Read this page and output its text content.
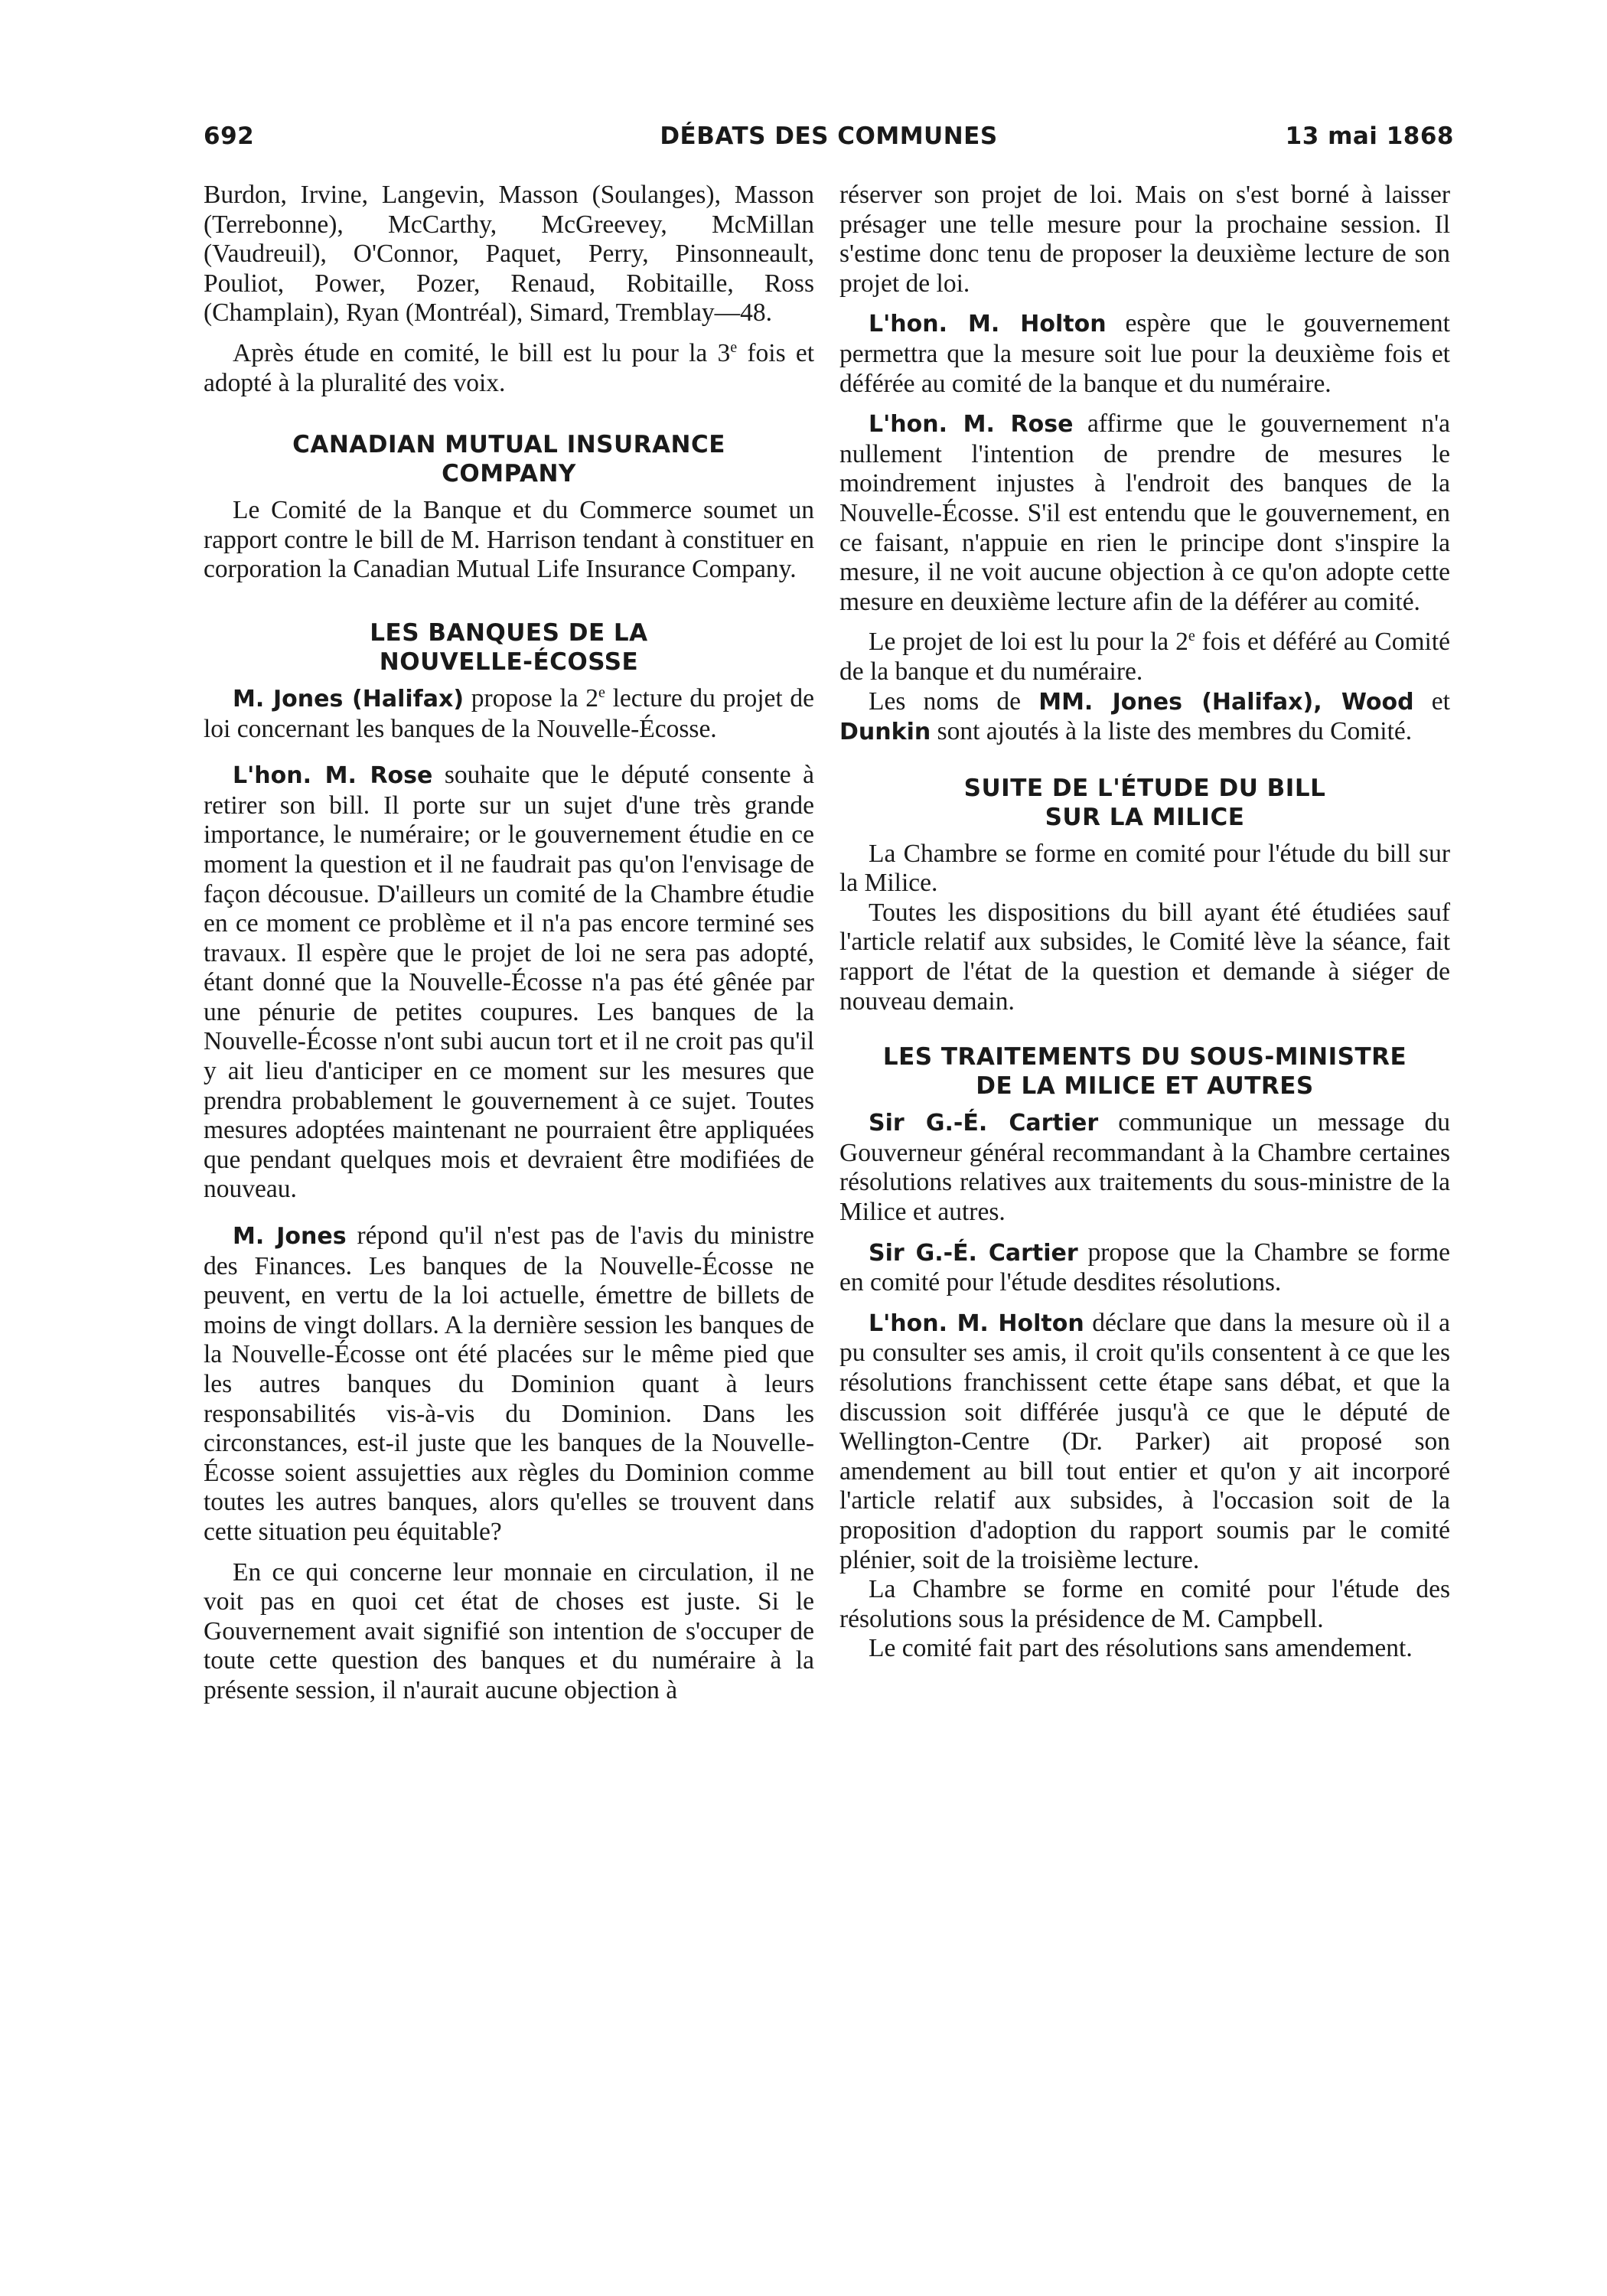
692	DÉBATS DES COMMUNES	13 mai 1868

Burdon, Irvine, Langevin, Masson (Soulanges), Masson (Terrebonne), McCarthy, McGreevey, McMillan (Vaudreuil), O'Connor, Paquet, Perry, Pinsonneault, Pouliot, Power, Pozer, Renaud, Robitaille, Ross (Champlain), Ryan (Montréal), Simard, Tremblay—48.

Après étude en comité, le bill est lu pour la 3e fois et adopté à la pluralité des voix.

CANADIAN MUTUAL INSURANCE
COMPANY

Le Comité de la Banque et du Commerce soumet un rapport contre le bill de M. Harrison tendant à constituer en corporation la Canadian Mutual Life Insurance Company.

LES BANQUES DE LA
NOUVELLE-ÉCOSSE

M. Jones (Halifax) propose la 2e lecture du projet de loi concernant les banques de la Nouvelle-Écosse.

L'hon. M. Rose souhaite que le député consente à retirer son bill. Il porte sur un sujet d'une très grande importance, le numéraire; or le gouvernement étudie en ce moment la question et il ne faudrait pas qu'on l'envisage de façon décousue. D'ailleurs un comité de la Chambre étudie en ce moment ce problème et il n'a pas encore terminé ses travaux. Il espère que le projet de loi ne sera pas adopté, étant donné que la Nouvelle-Écosse n'a pas été gênée par une pénurie de petites coupures. Les banques de la Nouvelle-Écosse n'ont subi aucun tort et il ne croit pas qu'il y ait lieu d'anticiper en ce moment sur les mesures que prendra probablement le gouvernement à ce sujet. Toutes mesures adoptées maintenant ne pourraient être appliquées que pendant quelques mois et devraient être modifiées de nouveau.

M. Jones répond qu'il n'est pas de l'avis du ministre des Finances. Les banques de la Nouvelle-Écosse ne peuvent, en vertu de la loi actuelle, émettre de billets de moins de vingt dollars. A la dernière session les banques de la Nouvelle-Écosse ont été placées sur le même pied que les autres banques du Dominion quant à leurs responsabilités vis-à-vis du Dominion. Dans les circonstances, est-il juste que les banques de la Nouvelle-Écosse soient assujetties aux règles du Dominion comme toutes les autres banques, alors qu'elles se trouvent dans cette situation peu équitable?

En ce qui concerne leur monnaie en circulation, il ne voit pas en quoi cet état de choses est juste. Si le Gouvernement avait signifié son intention de s'occuper de toute cette question des banques et du numéraire à la présente session, il n'aurait aucune objection à

réserver son projet de loi. Mais on s'est borné à laisser présager une telle mesure pour la prochaine session. Il s'estime donc tenu de proposer la deuxième lecture de son projet de loi.

L'hon. M. Holton espère que le gouvernement permettra que la mesure soit lue pour la deuxième fois et déférée au comité de la banque et du numéraire.

L'hon. M. Rose affirme que le gouvernement n'a nullement l'intention de prendre de mesures le moindrement injustes à l'endroit des banques de la Nouvelle-Écosse. S'il est entendu que le gouvernement, en ce faisant, n'appuie en rien le principe dont s'inspire la mesure, il ne voit aucune objection à ce qu'on adopte cette mesure en deuxième lecture afin de la déférer au comité.

Le projet de loi est lu pour la 2e fois et déféré au Comité de la banque et du numéraire.

Les noms de MM. Jones (Halifax), Wood et Dunkin sont ajoutés à la liste des membres du Comité.

SUITE DE L'ÉTUDE DU BILL
SUR LA MILICE

La Chambre se forme en comité pour l'étude du bill sur la Milice.

Toutes les dispositions du bill ayant été étudiées sauf l'article relatif aux subsides, le Comité lève la séance, fait rapport de l'état de la question et demande à siéger de nouveau demain.

LES TRAITEMENTS DU SOUS-MINISTRE
DE LA MILICE ET AUTRES

Sir G.-É. Cartier communique un message du Gouverneur général recommandant à la Chambre certaines résolutions relatives aux traitements du sous-ministre de la Milice et autres.

Sir G.-É. Cartier propose que la Chambre se forme en comité pour l'étude desdites résolutions.

L'hon. M. Holton déclare que dans la mesure où il a pu consulter ses amis, il croit qu'ils consentent à ce que les résolutions franchissent cette étape sans débat, et que la discussion soit différée jusqu'à ce que le député de Wellington-Centre (Dr. Parker) ait proposé son amendement au bill tout entier et qu'on y ait incorporé l'article relatif aux subsides, à l'occasion soit de la proposition d'adoption du rapport soumis par le comité plénier, soit de la troisième lecture.

La Chambre se forme en comité pour l'étude des résolutions sous la présidence de M. Campbell.

Le comité fait part des résolutions sans amendement.
